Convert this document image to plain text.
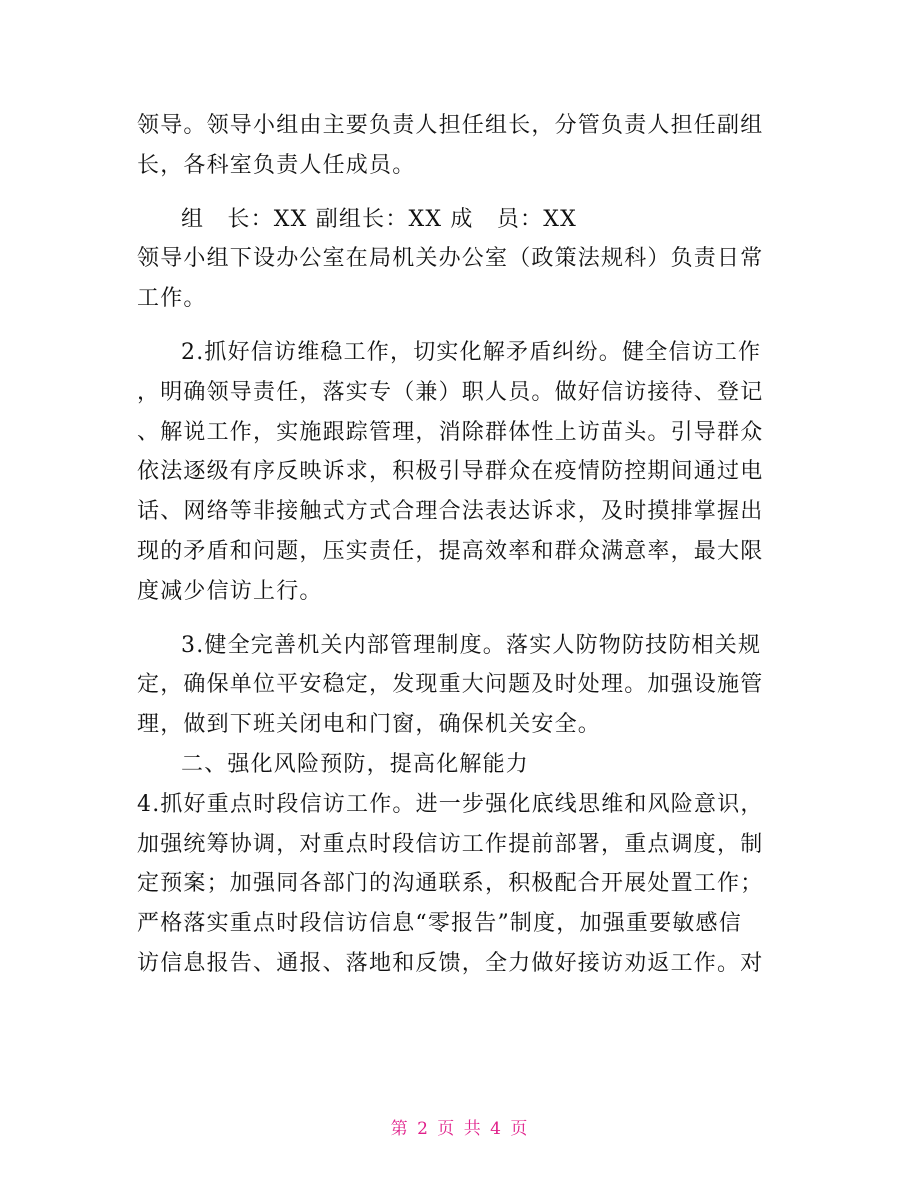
领导。领导小组由主要负责人担任组长，分管负责人担任副组
长，各科室负责人任成员。
组　长：XX 副组长：XX 成　员：XX
领导小组下设办公室在局机关办公室（政策法规科）负责日常
工作。
2.抓好信访维稳工作，切实化解矛盾纠纷。健全信访工作
，明确领导责任，落实专（兼）职人员。做好信访接待、登记
、解说工作，实施跟踪管理，消除群体性上访苗头。引导群众
依法逐级有序反映诉求，积极引导群众在疫情防控期间通过电
话、网络等非接触式方式合理合法表达诉求，及时摸排掌握出
现的矛盾和问题，压实责任，提高效率和群众满意率，最大限
度减少信访上行。
3.健全完善机关内部管理制度。落实人防物防技防相关规
定，确保单位平安稳定，发现重大问题及时处理。加强设施管
理，做到下班关闭电和门窗，确保机关安全。
二、强化风险预防，提高化解能力
4.抓好重点时段信访工作。进一步强化底线思维和风险意识，
加强统筹协调，对重点时段信访工作提前部署，重点调度，制
定预案；加强同各部门的沟通联系，积极配合开展处置工作；
严格落实重点时段信访信息“零报告”制度，加强重要敏感信
访信息报告、通报、落地和反馈，全力做好接访劝返工作。对
第 2 页 共 4 页
